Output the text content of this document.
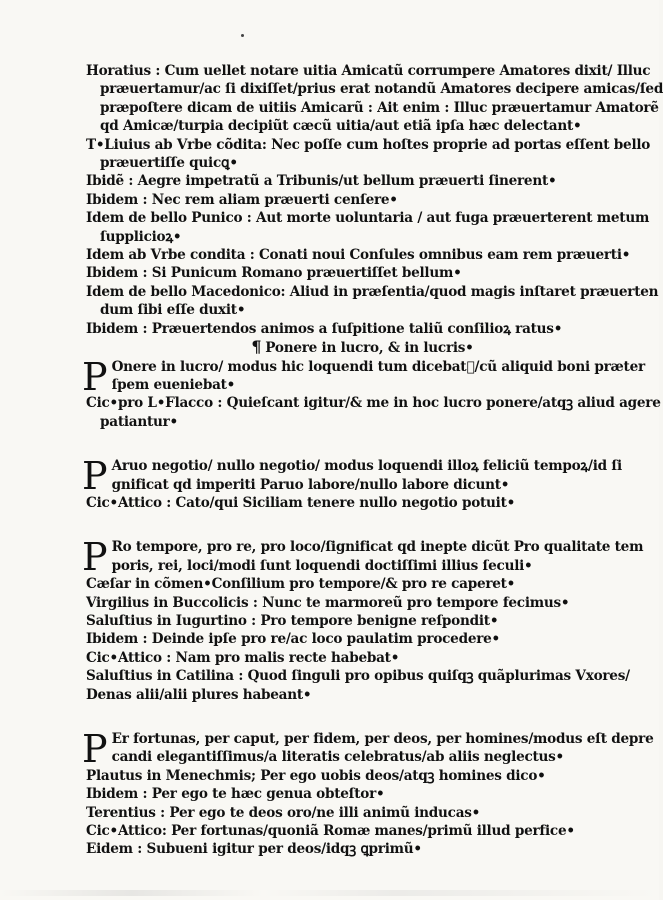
Horatius : Cum uellet notare uitia Amicatũ corrumpere Amatores dixit/ Illuc
præuertamur/ac ſi dixiſſet/prius erat notandũ Amatores decipere amicas/ſed
præpoſtere dicam de uitiis Amicarũ : Ait enim : Illuc præuertamur Amatorẽ
qd Amicæ/turpia decipiũt cæcũ uitia/aut etiã ipſa hæc delectant•
T•Liuius ab Vrbe cõdita: Nec poſſe cum hoſtes proprie ad portas eſſent bello
præuertiſſe quicꝗ•
Ibidẽ : Aegre impetratũ a Tribunis/ut bellum præuerti ſinerent•
Ibidem : Nec rem aliam præuerti cenſere•
Idem de bello Punico : Aut morte uoluntaria / aut fuga præuerterent metum
ſupplicioꝝ•
Idem ab Vrbe condita : Conati noui Conſules omnibus eam rem præuerti•
Ibidem : Si Punicum Romano præuertiſſet bellum•
Idem de bello Macedonico: Aliud in præſentia/quod magis inſtaret præuerten
dum ſibi eſſe duxit•
Ibidem : Præuertendos animos a ſuſpitione taliũ conſilioꝝ ratus•
¶ Ponere in lucro, & in lucris•
P Onere in lucro/ modus hic loquendi tum dicebatᷓ/cũ aliquid boni præter
ſpem eueniebat•
Cic•pro L•Flacco : Quieſcant igitur/& me in hoc lucro ponere/atqꝫ aliud agere
patiantur•
P Aruo negotio/ nullo negotio/ modus loquendi illoꝝ feliciũ tempoꝝ/id ſi
gnificat qd imperiti Paruo labore/nullo labore dicunt•
Cic•Attico : Cato/qui Siciliam tenere nullo negotio potuit•
P Ro tempore, pro re, pro loco/ſignificat qd inepte dicũt Pro qualitate tem
poris, rei, loci/modi ſunt loquendi doctiſſimi illius ſeculi•
Cæſar in cõmen•Conſilium pro tempore/& pro re caperet•
Virgilius in Buccolicis : Nunc te marmoreũ pro tempore fecimus•
Saluſtius in Iugurtino : Pro tempore benigne reſpondit•
Ibidem : Deinde ipſe pro re/ac loco paulatim procedere•
Cic•Attico : Nam pro malis recte habebat•
Saluſtius in Catilina : Quod ſinguli pro opibus quiſqꝫ quãplurimas Vxores/
Denas alii/alii plures habeant•
P Er fortunas, per caput, per fidem, per deos, per homines/modus eſt depre
candi elegantiſſimus/a literatis celebratus/ab aliis neglectus•
Plautus in Menechmis; Per ego uobis deos/atqꝫ homines dico•
Ibidem : Per ego te hæc genua obteſtor•
Terentius : Per ego te deos oro/ne illi animũ inducas•
Cic•Attico: Per fortunas/quoniã Romæ manes/primũ illud perfice•
Eidem : Subueni igitur per deos/idqꝫ ꝗprimũ•
